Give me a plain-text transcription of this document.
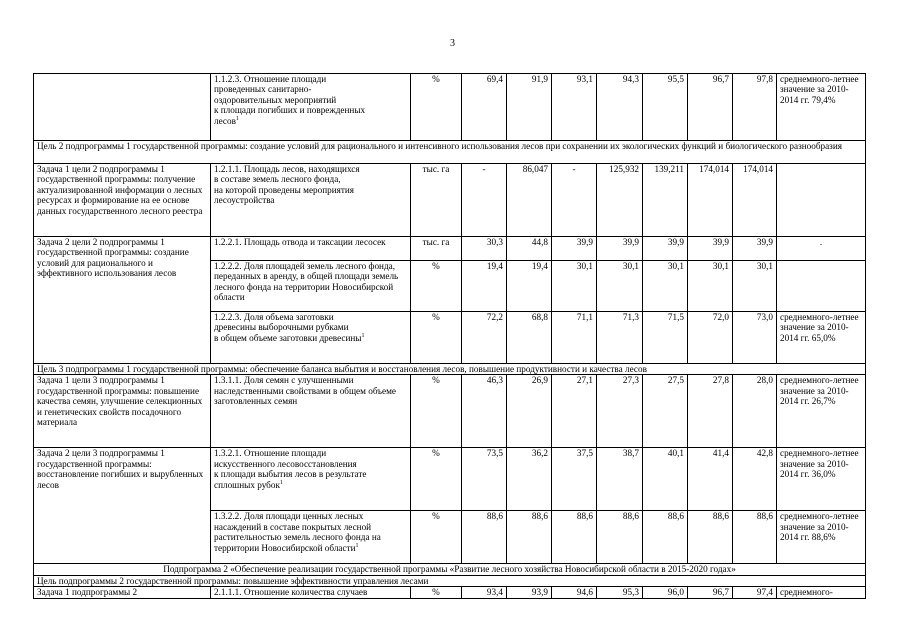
3

	1.1.2.3. Отношение площади
проведенных санитарно-
оздоровительных мероприятий
к площади погибших и поврежденных
лесов$^1$	%	69,4	91,9	93,1	94,3	95,5	96,7	97,8	среднемного-летнее значение за 2010-2014 гг. 79,4%
Цель 2 подпрограммы 1 государственной программы: создание условий для рационального и интенсивного использования лесов при сохранении их экологических функций и биологического разнообразия										
Задача 1 цели 2 подпрограммы 1 государственной программы: получение актуализированной информации о лесных ресурсах и формирование на ее основе данных государственного лесного реестра	1.2.1.1. Площадь лесов, находящихся
в составе земель лесного фонда,
на которой проведены мероприятия
лесоустройства	тыс. га	-	86,047	-	125,932	139,211	174,014	174,014	
Задача 2 цели 2 подпрограммы 1 государственной программы: создание условий для рационального и эффективного использования лесов	1.2.2.1. Площадь отвода и таксации лесосек	тыс. га	30,3	44,8	39,9	39,9	39,9	39,9	39,9	.
	1.2.2.2. Доля площадей земель лесного фонда, переданных в аренду, в общей площади земель лесного фонда на территории Новосибирской области	%	19,4	19,4	30,1	30,1	30,1	30,1	30,1	

	1.2.2.3. Доля объема заготовки
древесины выборочными рубками
в общем объеме заготовки древесины$^1$	%	72,2	68,8	71,1	71,3	71,5	72,0	73,0	среднемного-летнее значение за 2010-2014 гг. 65,0%
Цель 3 подпрограммы 1 государственной программы: обеспечение баланса выбытия и восстановления лесов, повышение продуктивности и качества лесов										
Задача 1 цели 3 подпрограммы 1 государственной программы: повышение качества семян, улучшение селекционных и генетических свойств посадочного материала	1.3.1.1. Доля семян с улучшенными наследственными свойствами в общем объеме заготовленных семян	%	46,3	26,9	27,1	27,3	27,5	27,8	28,0	среднемного-летнее значение за 2010-2014 гг. 26,7%
Задача 2 цели 3 подпрограммы 1 государственной программы: восстановление погибших и вырубленных лесов	1.3.2.1. Отношение площади
искусственного лесовосстановления
к площади выбытия лесов в результате
сплошных рубок$^1$	%	73,5	36,2	37,5	38,7	40,1	41,4	42,8	среднемного-летнее значение за 2010-2014 гг. 36,0%
	1.3.2.2. Доля площади ценных лесных насаждений в составе покрытых лесной растительностью земель лесного фонда на территории Новосибирской области$^1$	%	88,6	88,6	88,6	88,6	88,6	88,6	88,6	среднемного-летнее значение за 2010-2014 гг. 88,6%
Подпрограмма 2 «Обеспечение реализации государственной программы «Развитие лесного хозяйства Новосибирской области в 2015-2020 годах»										
Цель подпрограммы 2 государственной программы: повышение эффективности управления лесами										
Задача 1 подпрограммы 2	2.1.1.1. Отношение количества случаев	%	93,4	93,9	94,6	95,3	96,0	96,7	97,4	среднемного-
